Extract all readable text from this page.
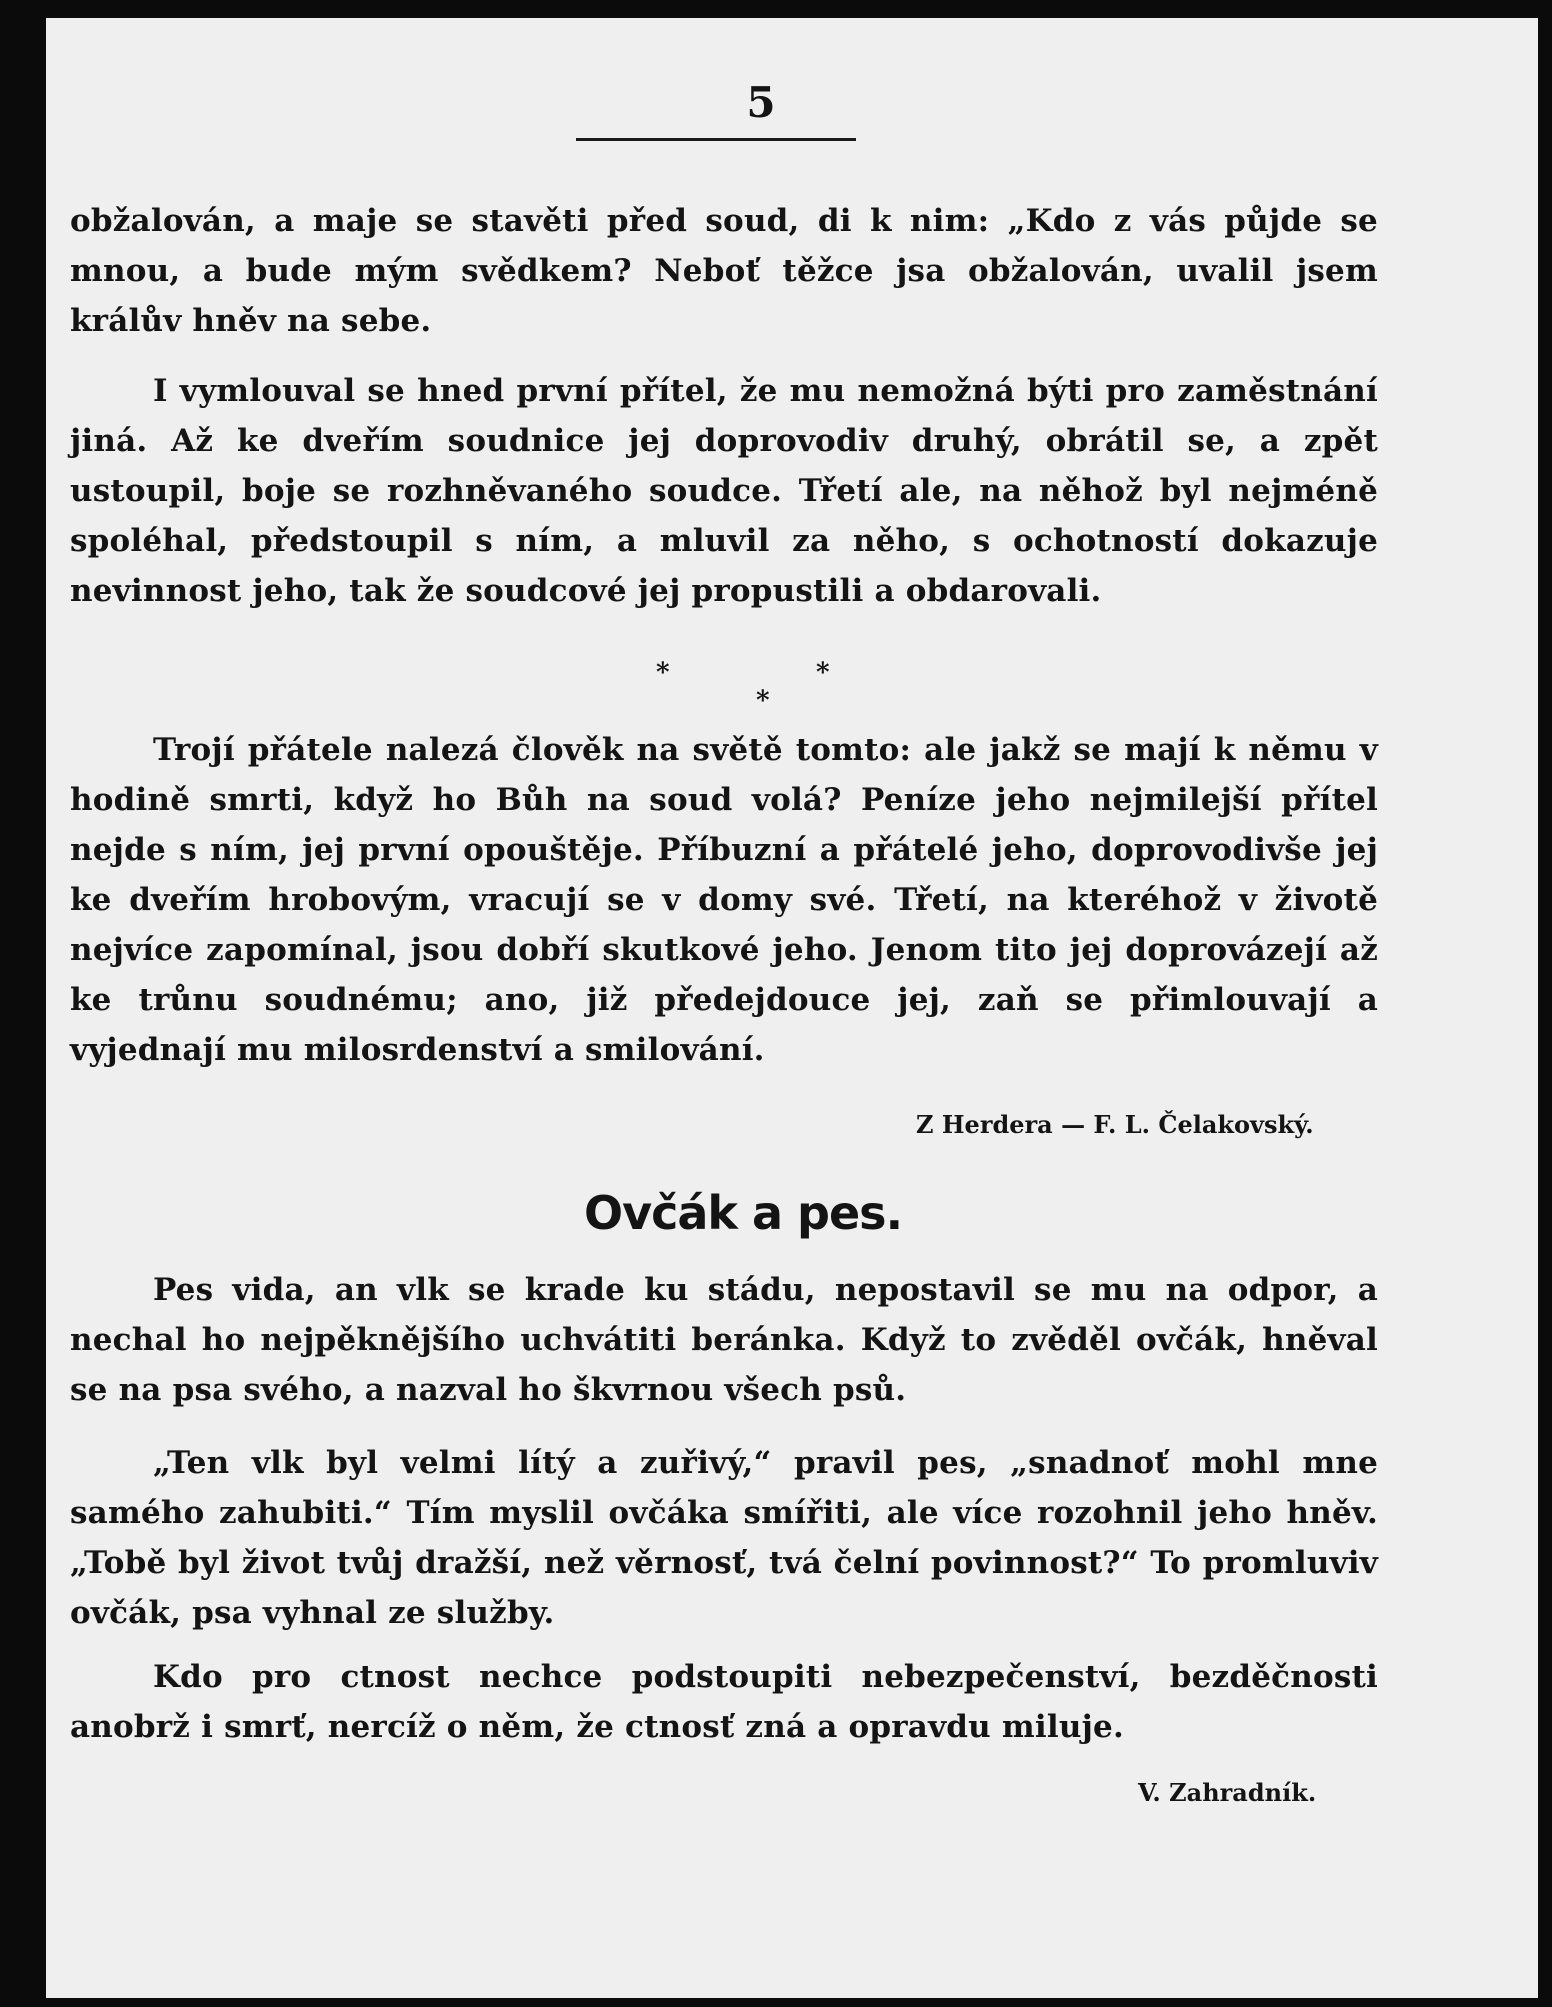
5

obžalován, a maje se stavěti před soud, di k nim: „Kdo z vás půjde se mnou, a bude mým svědkem? Neboť těžce jsa obžalován, uvalil jsem králův hněv na sebe.

I vymlouval se hned první přítel, že mu nemožná býti pro zaměstnání jiná. Až ke dveřím soudnice jej doprovodiv druhý, obrátil se, a zpět ustoupil, boje se rozhněvaného soudce. Třetí ale, na něhož byl nejméně spoléhal, předstoupil s ním, a mluvil za něho, s ochotností dokazuje nevinnost jeho, tak že soudcové jej propustili a obdarovali.

*
*
*

Trojí přátele nalezá člověk na světě tomto: ale jakž se mají k němu v hodině smrti, když ho Bůh na soud volá? Peníze jeho nejmilejší přítel nejde s ním, jej první opouštěje. Příbuzní a přátelé jeho, doprovodivše jej ke dveřím hrobovým, vracují se v domy své. Třetí, na kteréhož v životě nejvíce zapomínal, jsou dobří skutkové jeho. Jenom tito jej doprovázejí až ke trůnu soudnému; ano, již předejdouce jej, zaň se přimlouvají a vyjednají mu milosrdenství a smilování.

Z Herdera — F. L. Čelakovský.
Ovčák a pes.

Pes vida, an vlk se krade ku stádu, nepostavil se mu na odpor, a nechal ho nejpěknějšího uchvátiti beránka. Když to zvěděl ovčák, hněval se na psa svého, a nazval ho škvrnou všech psů.

„Ten vlk byl velmi lítý a zuřivý,“ pravil pes, „snadnoť mohl mne samého zahubiti.“ Tím myslil ovčáka smířiti, ale více rozohnil jeho hněv. „Tobě byl život tvůj dražší, než věrnosť, tvá čelní povinnost?“ To promluviv ovčák, psa vyhnal ze služby.

Kdo pro ctnost nechce podstoupiti nebezpečenství, bezděčnosti anobrž i smrť, nercíž o něm, že ctnosť zná a opravdu miluje.

V. Zahradník.
